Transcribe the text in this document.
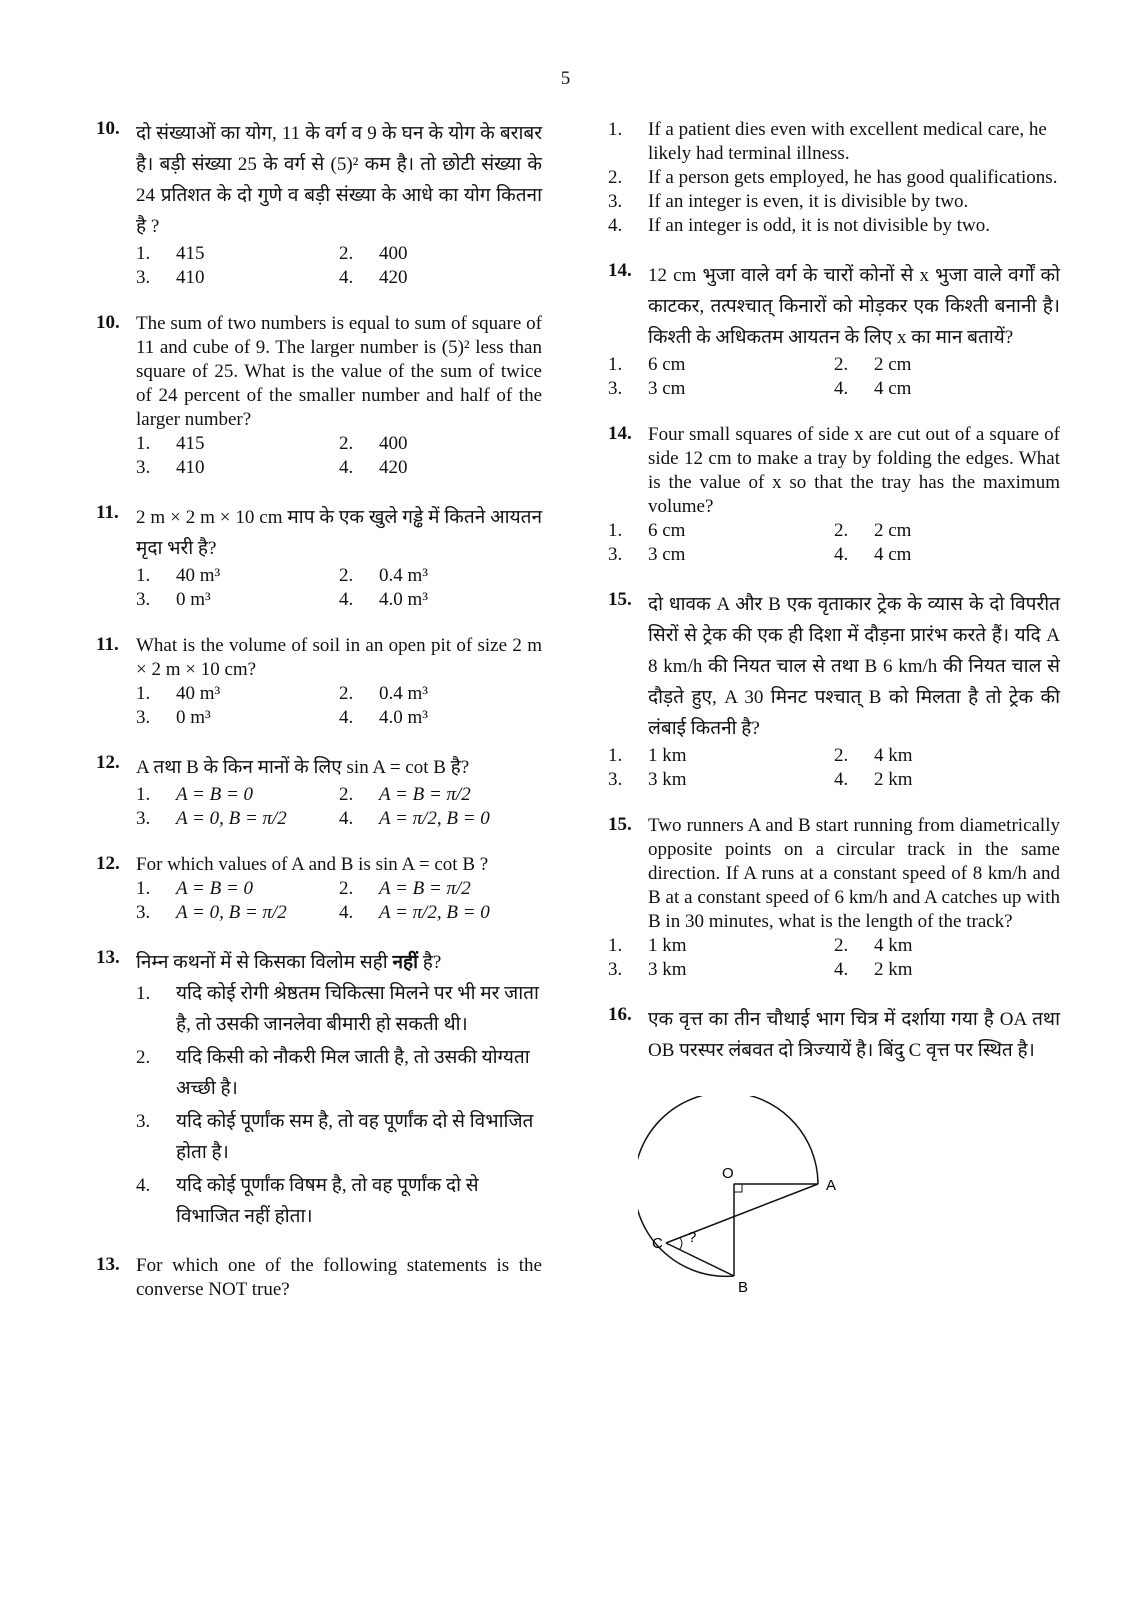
5
10. दो संख्याओं का योग, 11 के वर्ग व 9 के घन के योग के बराबर है। बड़ी संख्या 25 के वर्ग से (5)² कम है। तो छोटी संख्या के 24 प्रतिशत के दो गुणे व बड़ी संख्या के आधे का योग कितना है ?
1.	415	2.	400
3.	410	4.	420
10. The sum of two numbers is equal to sum of square of 11 and cube of 9. The larger number is (5)² less than square of 25. What is the value of the sum of twice of 24 percent of the smaller number and half of the larger number?
1.	415	2.	400
3.	410	4.	420
11. 2 m × 2 m × 10 cm माप के एक खुले गड्ढे में कितने आयतन मृदा भरी है?
1.	40 m³	2.	0.4 m³
3.	0 m³	4.	4.0 m³
11. What is the volume of soil in an open pit of size 2 m × 2 m × 10 cm?
1.	40 m³	2.	0.4 m³
3.	0 m³	4.	4.0 m³
12. A तथा B के किन मानों के लिए sin A = cot B है?
1.	A = B = 0	2.	A = B = π/2
3.	A = 0, B = π/2	4.	A = π/2, B = 0
12. For which values of A and B is sin A = cot B ?
1.	A = B = 0	2.	A = B = π/2
3.	A = 0, B = π/2	4.	A = π/2, B = 0
13. निम्न कथनों में से किसका विलोम सही नहीं है?
1.	यदि कोई रोगी श्रेष्ठतम चिकित्सा मिलने पर भी मर जाता है, तो उसकी जानलेवा बीमारी हो सकती थी।
2.	यदि किसी को नौकरी मिल जाती है, तो उसकी योग्यता अच्छी है।
3.	यदि कोई पूर्णांक सम है, तो वह पूर्णांक दो से विभाजित होता है।
4.	यदि कोई पूर्णांक विषम है, तो वह पूर्णांक दो से विभाजित नहीं होता।
13. For which one of the following statements is the converse NOT true?
1.	If a patient dies even with excellent medical care, he likely had terminal illness.
2.	If a person gets employed, he has good qualifications.
3.	If an integer is even, it is divisible by two.
4.	If an integer is odd, it is not divisible by two.
14. 12 cm भुजा वाले वर्ग के चारों कोनों से x भुजा वाले वर्गों को काटकर, तत्पश्चात् किनारों को मोड़कर एक किश्ती बनानी है। किश्ती के अधिकतम आयतन के लिए x का मान बतायें?
1.	6 cm	2.	2 cm
3.	3 cm	4.	4 cm
14. Four small squares of side x are cut out of a square of side 12 cm to make a tray by folding the edges. What is the value of x so that the tray has the maximum volume?
1.	6 cm	2.	2 cm
3.	3 cm	4.	4 cm
15. दो धावक A और B एक वृताकार ट्रेक के व्यास के दो विपरीत सिरों से ट्रेक की एक ही दिशा में दौड़ना प्रारंभ करते हैं। यदि A 8 km/h की नियत चाल से तथा B 6 km/h की नियत चाल से दौड़ते हुए, A 30 मिनट पश्चात् B को मिलता है तो ट्रेक की लंबाई कितनी है?
1.	1 km	2.	4 km
3.	3 km	4.	2 km
15. Two runners A and B start running from diametrically opposite points on a circular track in the same direction. If A runs at a constant speed of 8 km/h and B at a constant speed of 6 km/h and A catches up with B in 30 minutes, what is the length of the track?
1.	1 km	2.	4 km
3.	3 km	4.	2 km
16. एक वृत्त का तीन चौथाई भाग चित्र में दर्शाया गया है OA तथा OB परस्पर लंबवत दो त्रिज्यायें है। बिंदु C वृत्त पर स्थित है।
O
A
B
C ?
